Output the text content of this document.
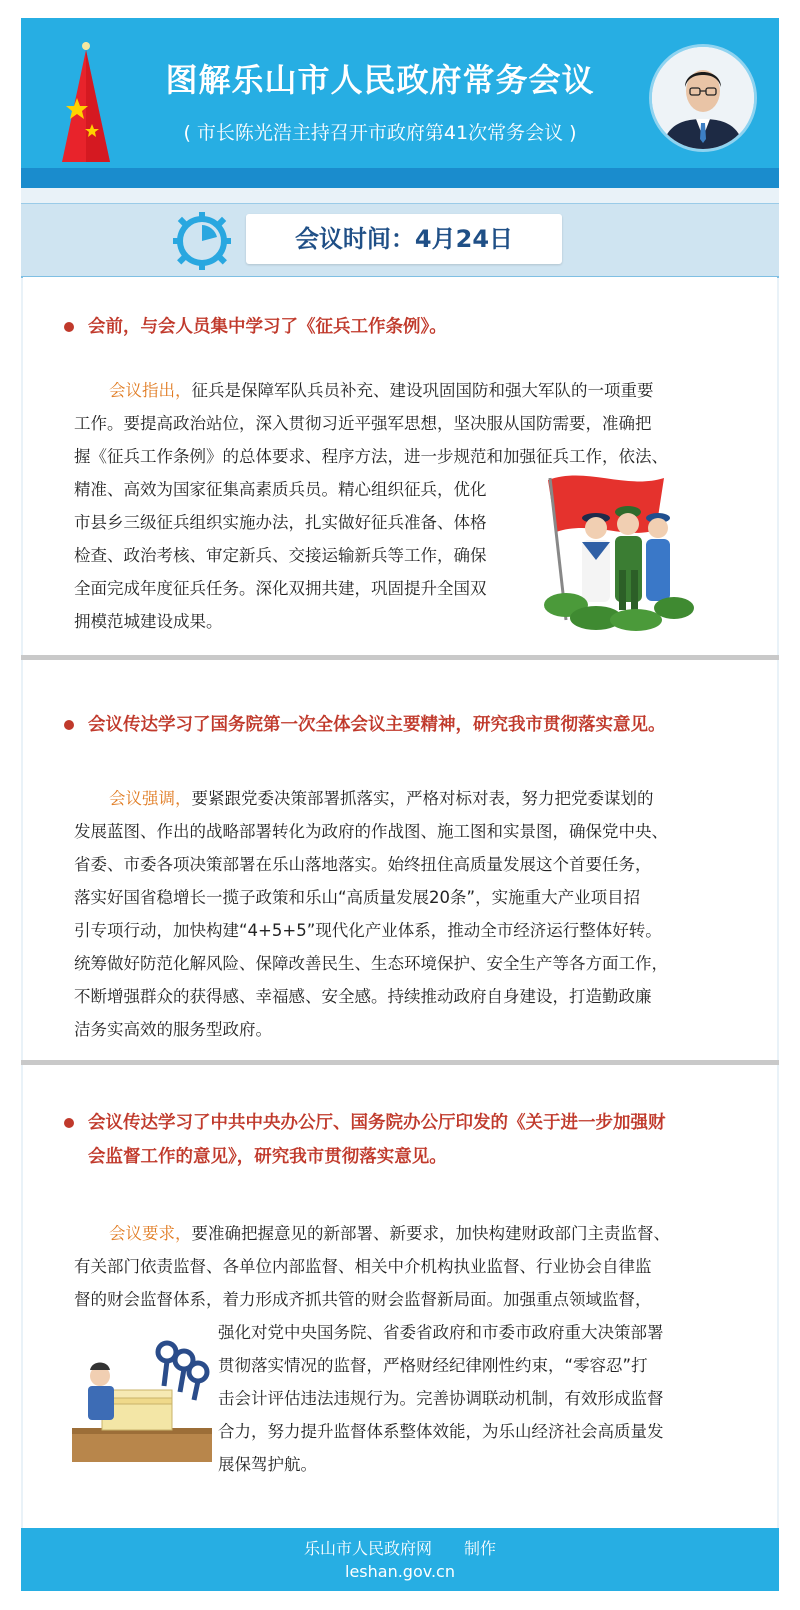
图解乐山市人民政府常务会议
( 市长陈光浩主持召开市政府第41次常务会议 )
会议时间：4月24日
会前，与会人员集中学习了《征兵工作条例》。
会议指出，征兵是保障军队兵员补充、建设巩固国防和强大军队的一项重要
工作。要提高政治站位，深入贯彻习近平强军思想，坚决服从国防需要，准确把
握《征兵工作条例》的总体要求、程序方法，进一步规范和加强征兵工作，依法、
精准、高效为国家征集高素质兵员。精心组织征兵，优化
市县乡三级征兵组织实施办法，扎实做好征兵准备、体格
检查、政治考核、审定新兵、交接运输新兵等工作，确保
全面完成年度征兵任务。深化双拥共建，巩固提升全国双
拥模范城建设成果。
会议传达学习了国务院第一次全体会议主要精神，研究我市贯彻落实意见。
会议强调，要紧跟党委决策部署抓落实，严格对标对表，努力把党委谋划的
发展蓝图、作出的战略部署转化为政府的作战图、施工图和实景图，确保党中央、
省委、市委各项决策部署在乐山落地落实。始终扭住高质量发展这个首要任务，
落实好国省稳增长一揽子政策和乐山“高质量发展20条”，实施重大产业项目招
引专项行动，加快构建“4+5+5”现代化产业体系，推动全市经济运行整体好转。
统筹做好防范化解风险、保障改善民生、生态环境保护、安全生产等各方面工作，
不断增强群众的获得感、幸福感、安全感。持续推动政府自身建设，打造勤政廉
洁务实高效的服务型政府。
会议传达学习了中共中央办公厅、国务院办公厅印发的《关于进一步加强财
会监督工作的意见》，研究我市贯彻落实意见。
会议要求，要准确把握意见的新部署、新要求，加快构建财政部门主责监督、
有关部门依责监督、各单位内部监督、相关中介机构执业监督、行业协会自律监
督的财会监督体系，着力形成齐抓共管的财会监督新局面。加强重点领域监督，
强化对党中央国务院、省委省政府和市委市政府重大决策部署
贯彻落实情况的监督，严格财经纪律刚性约束，“零容忍”打
击会计评估违法违规行为。完善协调联动机制，有效形成监督
合力，努力提升监督体系整体效能，为乐山经济社会高质量发
展保驾护航。
乐山市人民政府网　　制作
leshan.gov.cn
